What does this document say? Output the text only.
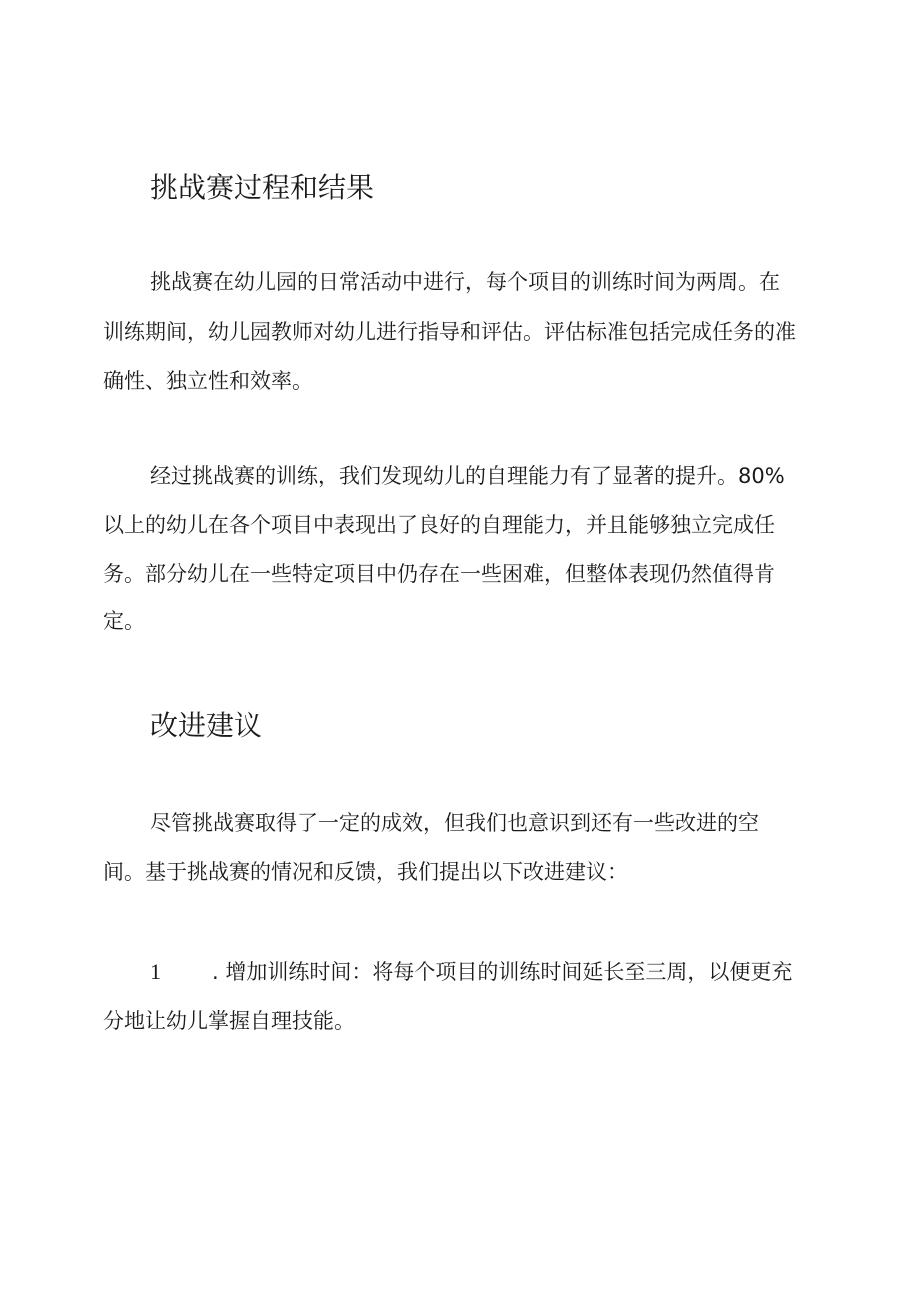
挑战赛过程和结果

挑战赛在幼儿园的日常活动中进行，每个项目的训练时间为两周。在

训练期间，幼儿园教师对幼儿进行指导和评估。评估标准包括完成任务的准

确性、独立性和效率。

经过挑战赛的训练，我们发现幼儿的自理能力有了显著的提升。80%

以上的幼儿在各个项目中表现出了良好的自理能力，并且能够独立完成任

务。部分幼儿在一些特定项目中仍存在一些困难，但整体表现仍然值得肯

定。

改进建议

尽管挑战赛取得了一定的成效，但我们也意识到还有一些改进的空

间。基于挑战赛的情况和反馈，我们提出以下改进建议：

1 . 增加训练时间：将每个项目的训练时间延长至三周，以便更充

分地让幼儿掌握自理技能。
